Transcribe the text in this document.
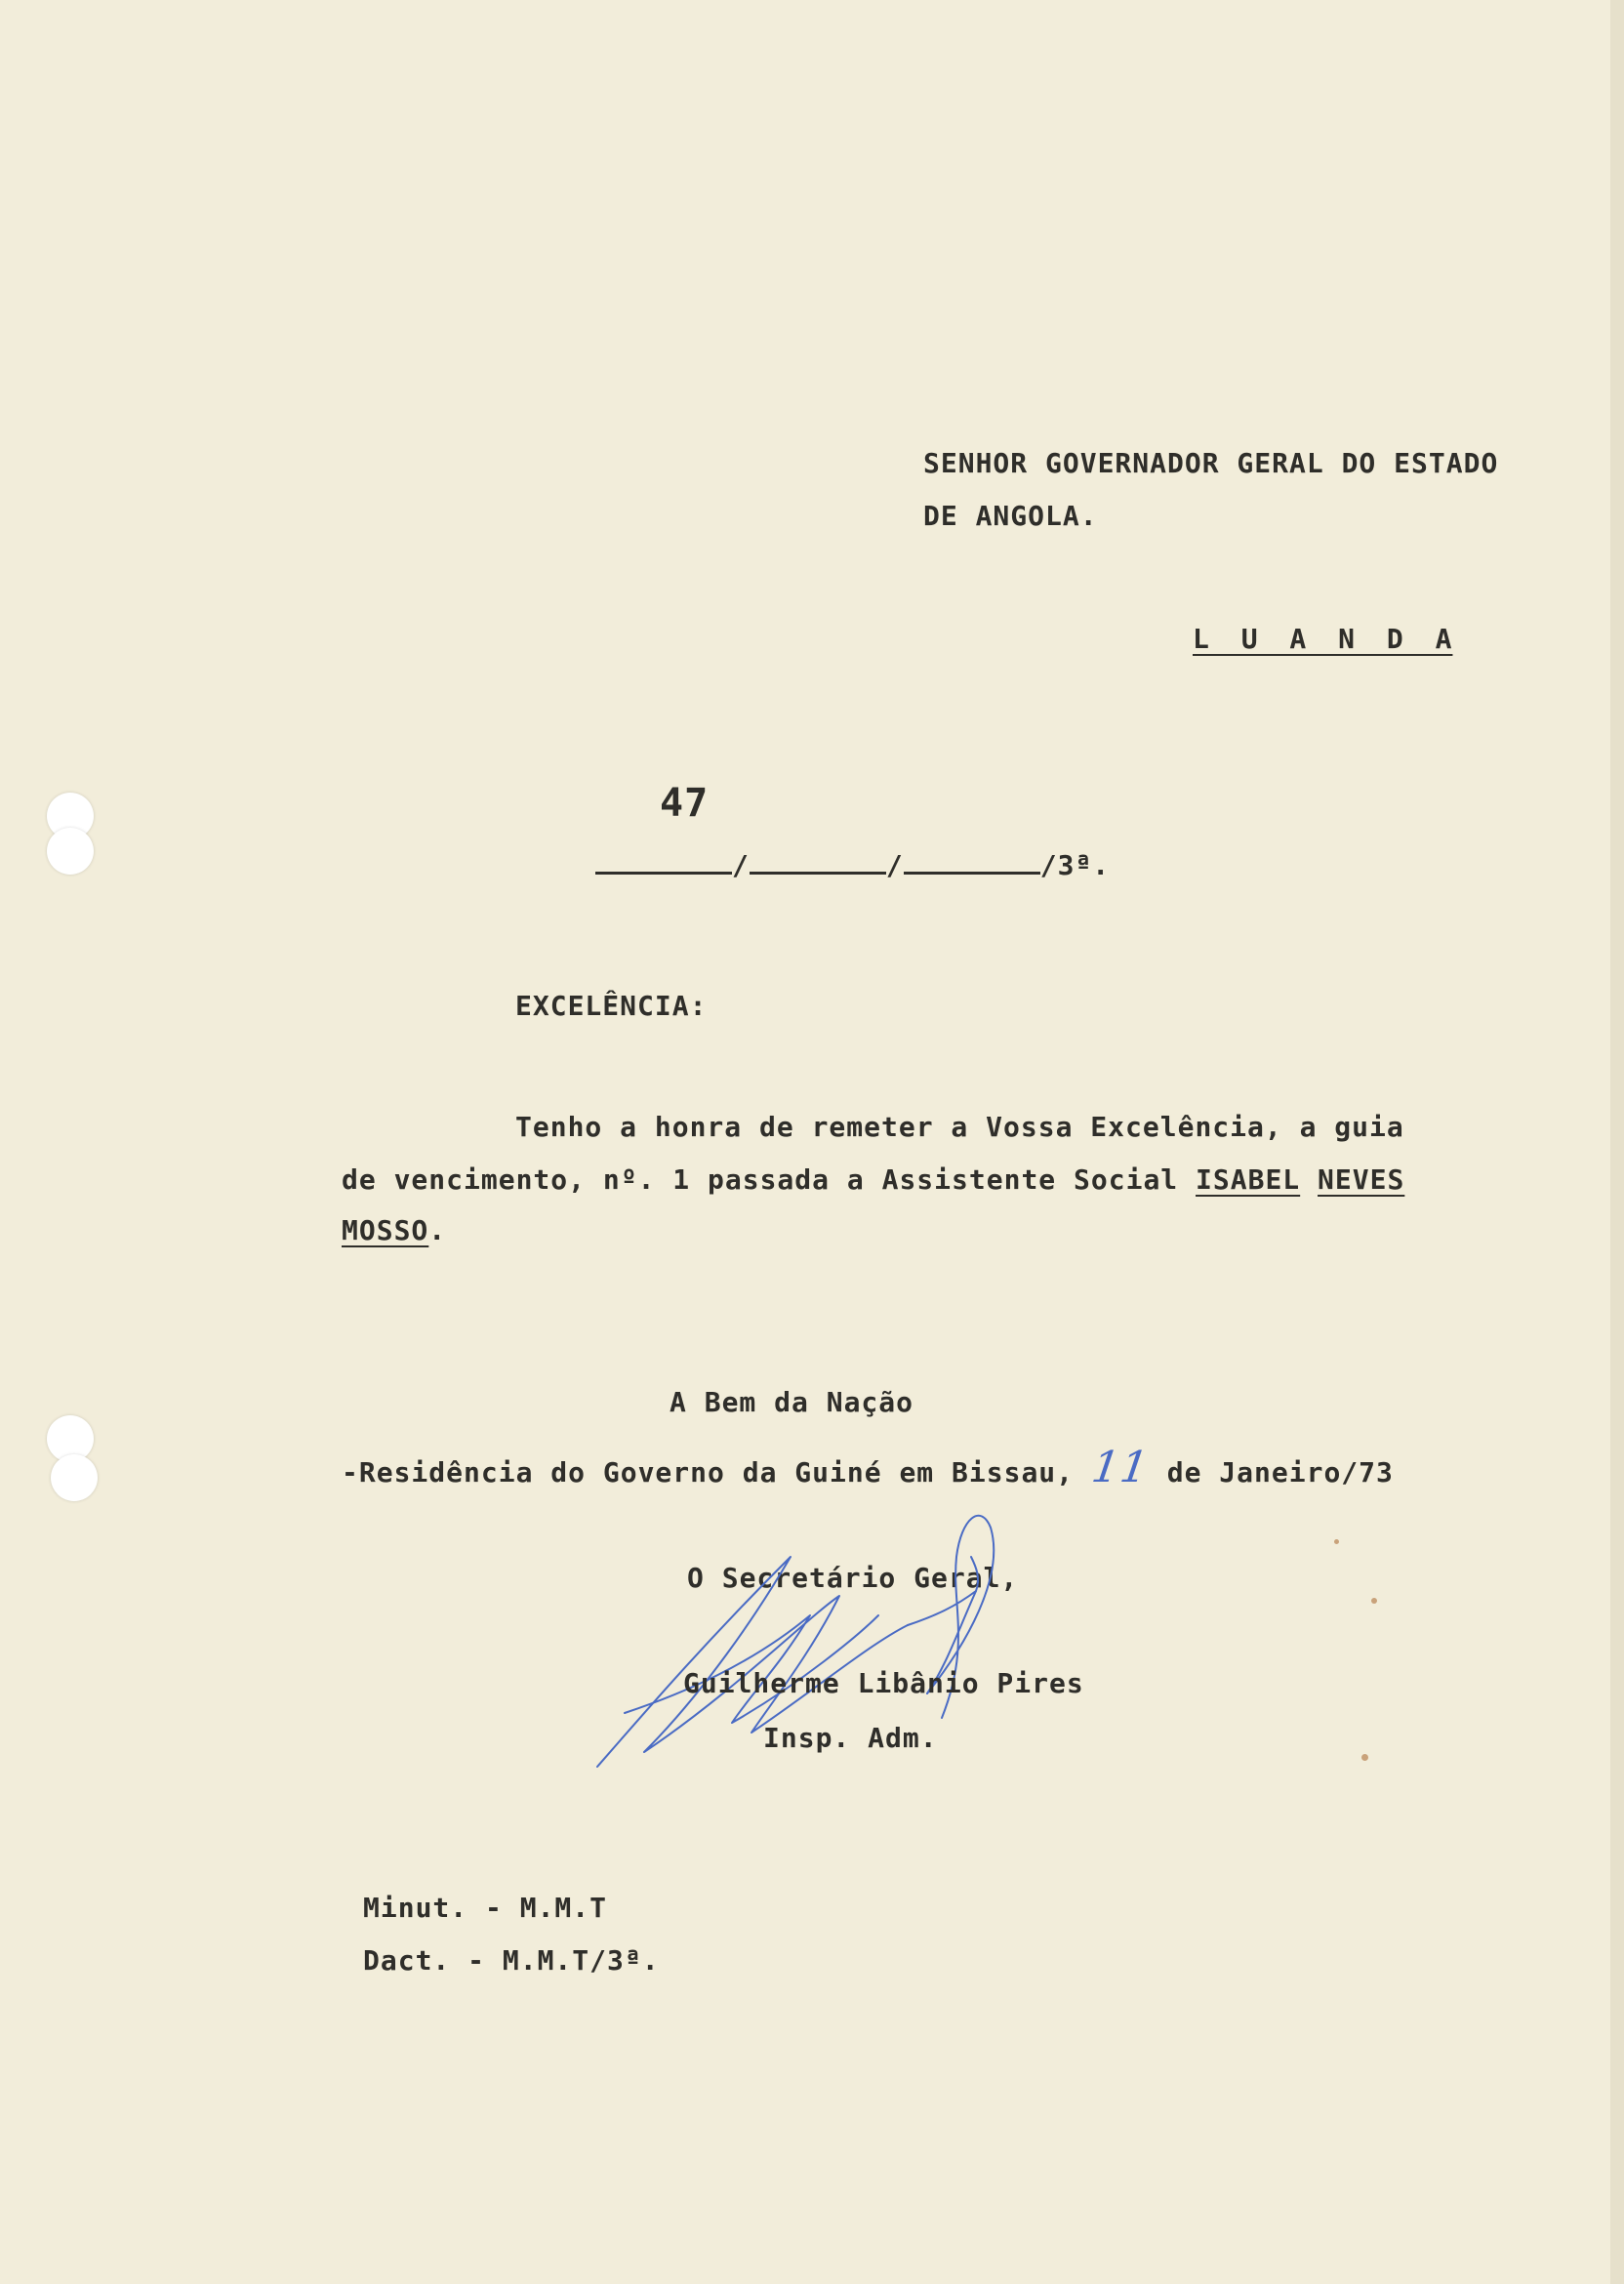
SENHOR GOVERNADOR GERAL DO ESTADO
DE ANGOLA.
L U A N D A
47
/	/	/3ª.
EXCELÊNCIA:
Tenho a honra de remeter a Vossa Excelência, a guia
de vencimento, nº. 1 passada a Assistente Social ISABEL NEVES
MOSSO.
A Bem da Nação
-Residência do Governo da Guiné em Bissau, 11 de Janeiro/73
O Secretário Geral,
Guilherme Libânio Pires
Insp. Adm.
Minut. - M.M.T
Dact. - M.M.T/3ª.
